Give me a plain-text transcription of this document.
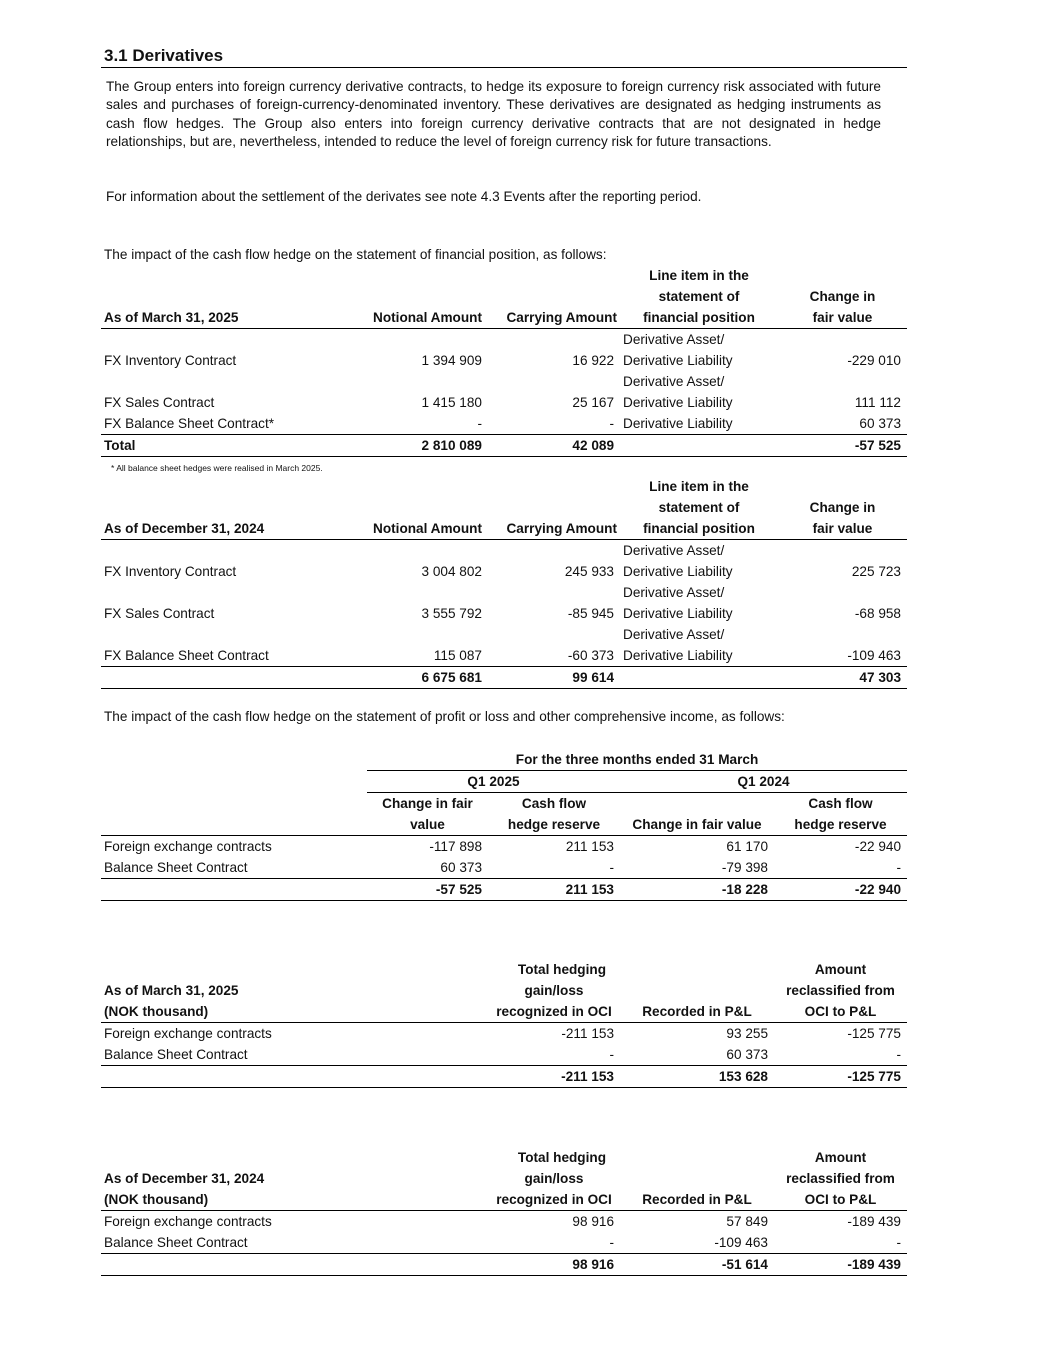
3.1 Derivatives

The Group enters into foreign currency derivative contracts, to hedge its exposure to foreign currency risk associated with future sales and purchases of foreign-currency-denominated inventory. These derivatives are designated as hedging instruments as cash flow hedges. The Group also enters into foreign currency derivative contracts that are not designated in hedge relationships, but are, nevertheless, intended to reduce the level of foreign currency risk for future transactions.

For information about the settlement of the derivates see note 4.3 Events after the reporting period.

The impact of the cash flow hedge on the statement of financial position, as follows:

			Line item in the	
			statement of	Change in
As of March 31, 2025	Notional Amount	Carrying Amount	financial position	fair value
			Derivative Asset/	
FX Inventory Contract	1 394 909	16 922	Derivative Liability	-229 010
			Derivative Asset/	
FX Sales Contract	1 415 180	25 167	Derivative Liability	111 112
FX Balance Sheet Contract*	-	-	Derivative Liability	60 373
Total	2 810 089	42 089		-57 525

* All balance sheet hedges were realised in March 2025.

			Line item in the	
			statement of	Change in
As of December 31, 2024	Notional Amount	Carrying Amount	financial position	fair value
			Derivative Asset/	
FX Inventory Contract	3 004 802	245 933	Derivative Liability	225 723
			Derivative Asset/	
FX Sales Contract	3 555 792	-85 945	Derivative Liability	-68 958
			Derivative Asset/	
FX Balance Sheet Contract	115 087	-60 373	Derivative Liability	-109 463
	6 675 681	99 614		47 303

The impact of the cash flow hedge on the statement of profit or loss and other comprehensive income, as follows:

	For the three months ended 31 March			
	Q1 2025		Q1 2024	
	Change in fair	Cash flow		Cash flow
	value	hedge reserve	Change in fair value	hedge reserve
Foreign exchange contracts	-117 898	211 153	61 170	-22 940
Balance Sheet Contract	60 373	-	-79 398	-
	-57 525	211 153	-18 228	-22 940
	Total hedging		Amount
As of March 31, 2025	gain/loss		reclassified from
(NOK thousand)	recognized in OCI	Recorded in P&L	OCI to P&L
Foreign exchange contracts	-211 153	93 255	-125 775
Balance Sheet Contract	-	60 373	-
	-211 153	153 628	-125 775
	Total hedging		Amount
As of December 31, 2024	gain/loss		reclassified from
(NOK thousand)	recognized in OCI	Recorded in P&L	OCI to P&L
Foreign exchange contracts	98 916	57 849	-189 439
Balance Sheet Contract	-	-109 463	-
	98 916	-51 614	-189 439
